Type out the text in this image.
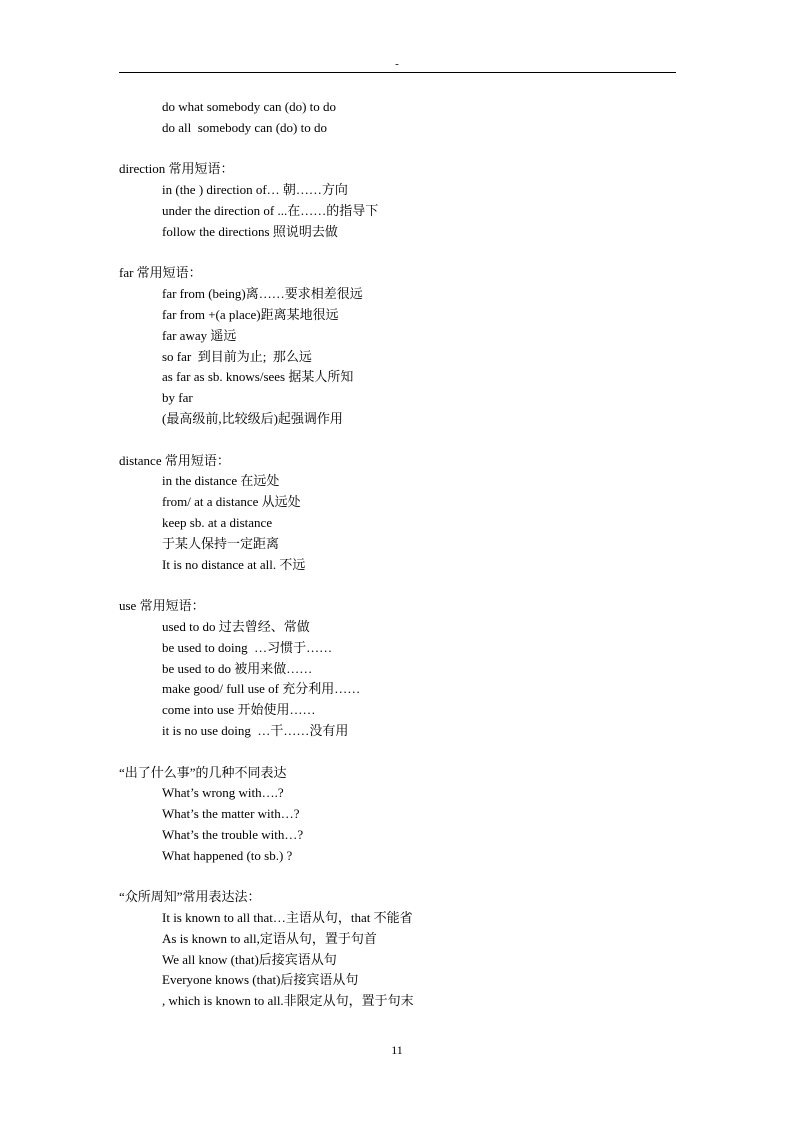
-
do what somebody can (do) to do
do all  somebody can (do) to do
direction 常用短语：
in (the ) direction of… 朝……方向
under the direction of ...在……的指导下
follow the directions 照说明去做
far 常用短语：
far from (being)离……要求相差很远
far from +(a place)距离某地很远
far away 遥远
so far  到目前为止;  那么远
as far as sb. knows/sees 据某人所知
by far
(最高级前,比较级后)起强调作用
distance 常用短语：
in the distance 在远处
from/ at a distance 从远处
keep sb. at a distance
于某人保持一定距离
It is no distance at all. 不远
use 常用短语：
used to do 过去曾经、常做
be used to doing  …习惯于……
be used to do 被用来做……
make good/ full use of 充分利用……
come into use 开始使用……
it is no use doing  …干……没有用
“出了什么事”的几种不同表达
What’s wrong with….?
What’s the matter with…?
What’s the trouble with…?
What happened (to sb.) ?
“众所周知”常用表达法：
It is known to all that…主语从句，that 不能省
As is known to all,定语从句，置于句首
We all know (that)后接宾语从句
Everyone knows (that)后接宾语从句
, which is known to all.非限定从句，置于句末
11
